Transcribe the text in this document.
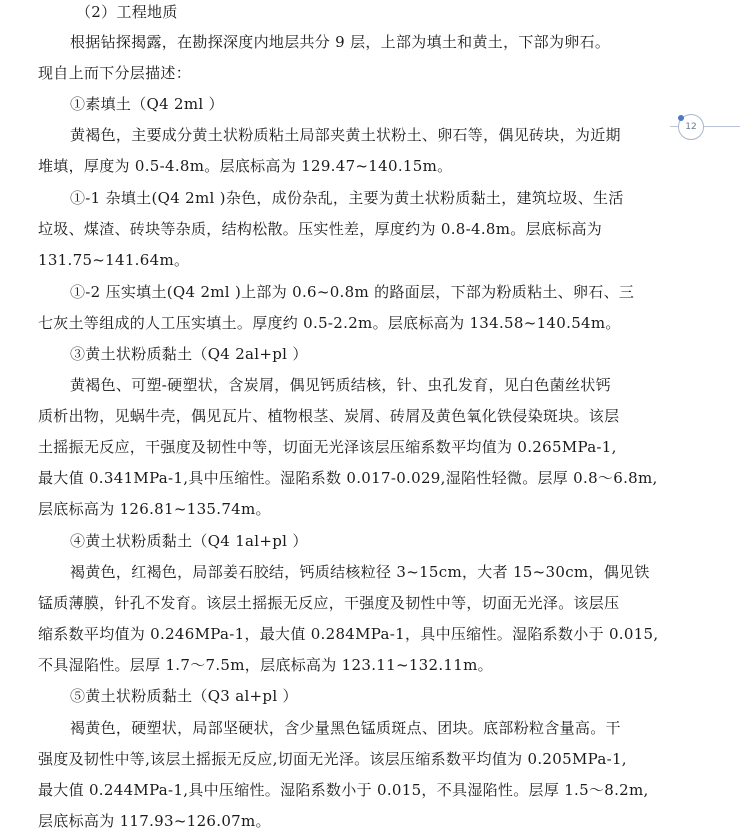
（2）工程地质
根据钻探揭露，在勘探深度内地层共分 9 层，上部为填土和黄土，下部为卵石。
现自上而下分层描述：
①素填土（Q4 2ml ）
黄褐色，主要成分黄土状粉质粘土局部夹黄土状粉土、卵石等，偶见砖块，为近期
堆填，厚度为 0.5-4.8m。层底标高为 129.47~140.15m。
①-1 杂填土(Q4 2ml )杂色，成份杂乱，主要为黄土状粉质黏土，建筑垃圾、生活
垃圾、煤渣、砖块等杂质，结构松散。压实性差，厚度约为 0.8-4.8m。层底标高为
131.75~141.64m。
①-2 压实填土(Q4 2ml )上部为 0.6~0.8m 的路面层，下部为粉质粘土、卵石、三
七灰土等组成的人工压实填土。厚度约 0.5-2.2m。层底标高为 134.58~140.54m。
③黄土状粉质黏土（Q4 2al+pl ）
黄褐色、可塑-硬塑状，含炭屑，偶见钙质结核，针、虫孔发育，见白色菌丝状钙
质析出物，见蜗牛壳，偶见瓦片、植物根茎、炭屑、砖屑及黄色氧化铁侵染斑块。该层
土摇振无反应，干强度及韧性中等，切面无光泽该层压缩系数平均值为 0.265MPa-1,
最大值 0.341MPa-1,具中压缩性。湿陷系数 0.017-0.029,湿陷性轻微。层厚 0.8～6.8m,
层底标高为 126.81~135.74m。
④黄土状粉质黏土（Q4 1al+pl ）
褐黄色，红褐色，局部姜石胶结，钙质结核粒径 3~15cm，大者 15~30cm，偶见铁
锰质薄膜，针孔不发育。该层土摇振无反应，干强度及韧性中等，切面无光泽。该层压
缩系数平均值为 0.246MPa-1，最大值 0.284MPa-1，具中压缩性。湿陷系数小于 0.015,
不具湿陷性。层厚 1.7～7.5m，层底标高为 123.11~132.11m。
⑤黄土状粉质黏土（Q3 al+pl ）
褐黄色，硬塑状，局部坚硬状，含少量黑色锰质斑点、团块。底部粉粒含量高。干
强度及韧性中等,该层土摇振无反应,切面无光泽。该层压缩系数平均值为 0.205MPa-1,
最大值 0.244MPa-1,具中压缩性。湿陷系数小于 0.015，不具湿陷性。层厚 1.5～8.2m,
层底标高为 117.93~126.07m。
12
